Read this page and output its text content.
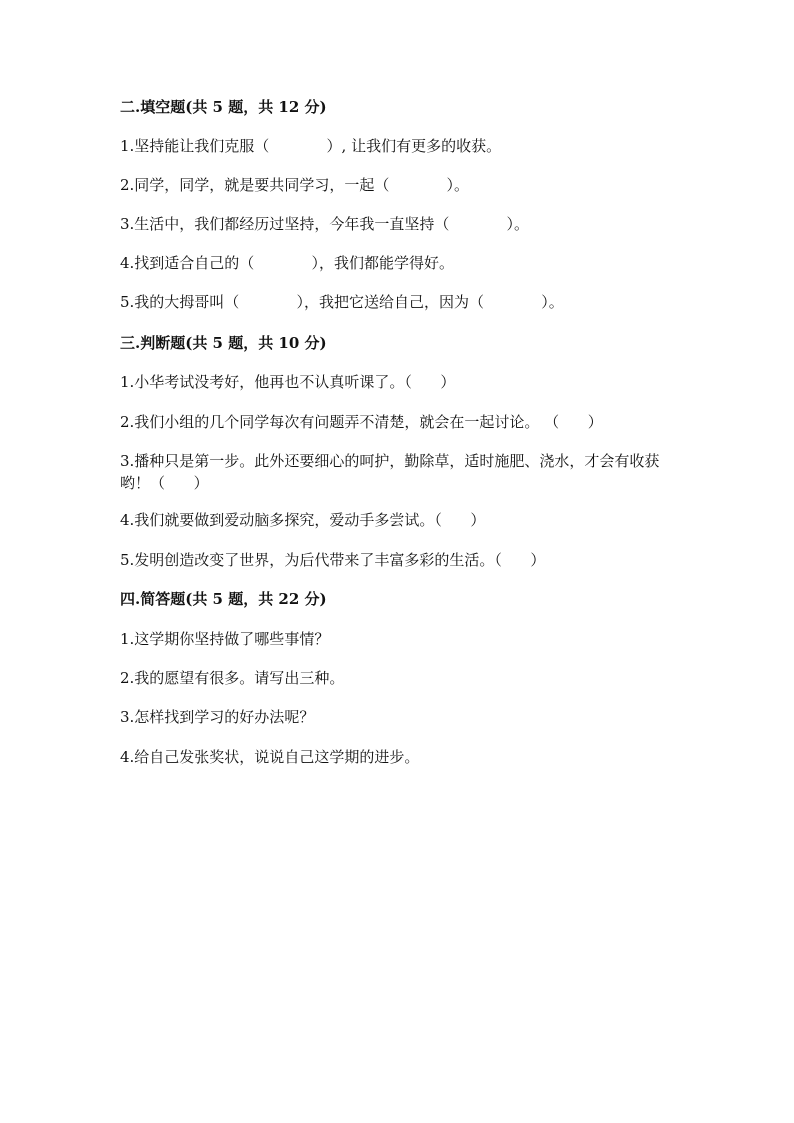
二.填空题(共 5 题，共 12 分)

1.坚持能让我们克服（            ）, 让我们有更多的收获。

2.同学，同学，就是要共同学习，一起（            ）。

3.生活中，我们都经历过坚持，今年我一直坚持（            ）。

4.找到适合自己的（            ），我们都能学得好。

5.我的大拇哥叫（            ），我把它送给自己，因为（            ）。

三.判断题(共 5 题，共 10 分)

1.小华考试没考好，他再也不认真听课了。（      ）

2.我们小组的几个同学每次有问题弄不清楚，就会在一起讨论。 （      ）

3.播种只是第一步。此外还要细心的呵护，勤除草，适时施肥、浇水，才会有收获哟！（      ）

4.我们就要做到爱动脑多探究，爱动手多尝试。（      ）

5.发明创造改变了世界，为后代带来了丰富多彩的生活。（      ）

四.简答题(共 5 题，共 22 分)

1.这学期你坚持做了哪些事情？

2.我的愿望有很多。请写出三种。

3.怎样找到学习的好办法呢？

4.给自己发张奖状，说说自己这学期的进步。
